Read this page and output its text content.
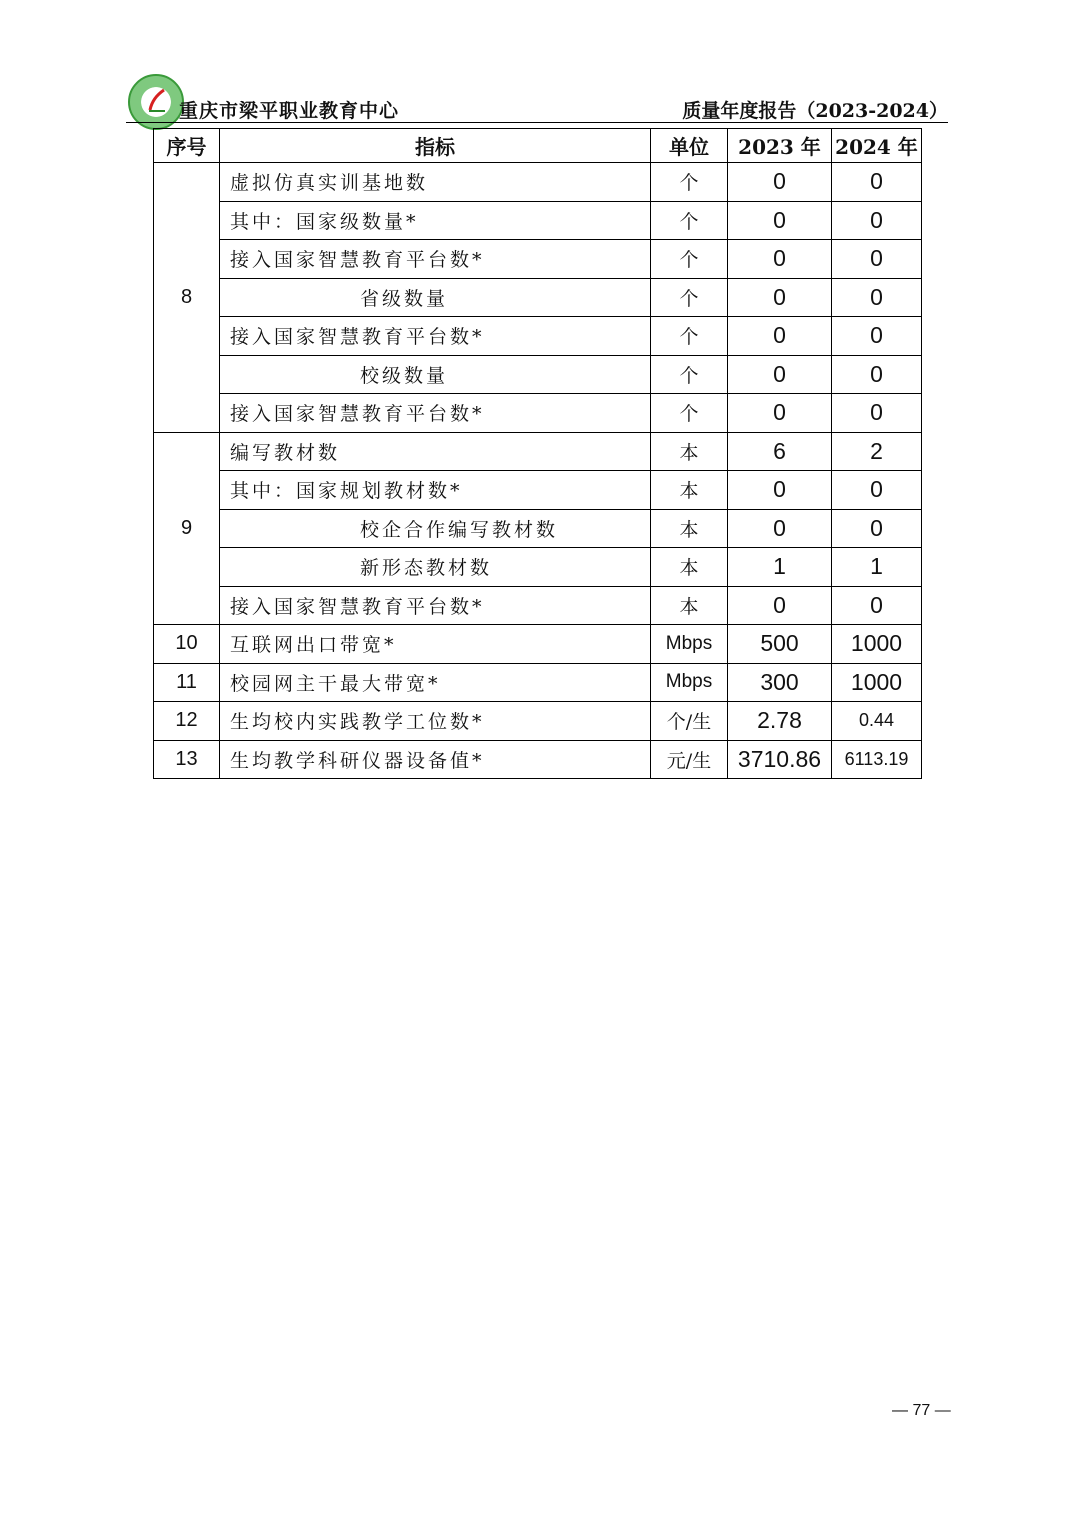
重庆市梁平职业教育中心	质量年度报告（2023-2024）
序号	指标	单位	2023 年	2024 年
8	虚拟仿真实训基地数	个	0	0
	其中：国家级数量*	个	0	0
	接入国家智慧教育平台数*	个	0	0
	省级数量	个	0	0
	接入国家智慧教育平台数*	个	0	0
	校级数量	个	0	0
	接入国家智慧教育平台数*	个	0	0
9	编写教材数	本	6	2
	其中：国家规划教材数*	本	0	0
	校企合作编写教材数	本	0	0
	新形态教材数	本	1	1
	接入国家智慧教育平台数*	本	0	0
10	互联网出口带宽*	Mbps	500	1000
11	校园网主干最大带宽*	Mbps	300	1000
12	生均校内实践教学工位数*	个/生	2.78	0.44
13	生均教学科研仪器设备值*	元/生	3710.86	6113.19
— 77 —
